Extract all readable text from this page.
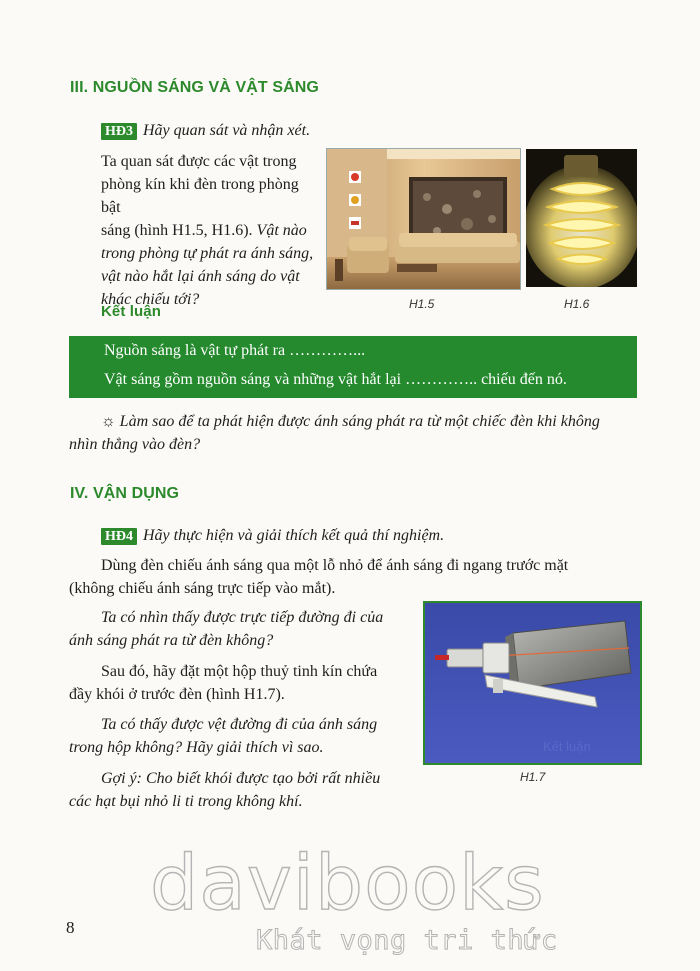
III. NGUỒN SÁNG VÀ VẬT SÁNG
HĐ3 Hãy quan sát và nhận xét.
Ta quan sát được các vật trong
phòng kín khi đèn trong phòng bật
sáng (hình H1.5, H1.6). Vật nào
trong phòng tự phát ra ánh sáng,
vật nào hắt lại ánh sáng do vật
khác chiếu tới?	H1.5	H1.6
Kết luận
Nguồn sáng là vật tự phát ra …………...
Vật sáng gồm nguồn sáng và những vật hắt lại ………….. chiếu đến nó.
☼ Làm sao để ta phát hiện được ánh sáng phát ra từ một chiếc đèn khi không
nhìn thẳng vào đèn?
IV. VẬN DỤNG
HĐ4 Hãy thực hiện và giải thích kết quả thí nghiệm.
Dùng đèn chiếu ánh sáng qua một lỗ nhỏ để ánh sáng đi ngang trước mặt
(không chiếu ánh sáng trực tiếp vào mắt).
Ta có nhìn thấy được trực tiếp đường đi của
ánh sáng phát ra từ đèn không?
Sau đó, hãy đặt một hộp thuỷ tinh kín chứa
đầy khói ở trước đèn (hình H1.7).
Ta có thấy được vệt đường đi của ánh sáng
trong hộp không? Hãy giải thích vì sao.
Gợi ý: Cho biết khói được tạo bởi rất nhiều
các hạt bụi nhỏ li ti trong không khí.
Kết luận
H1.7
davibooks
Khát vọng tri thức
8
